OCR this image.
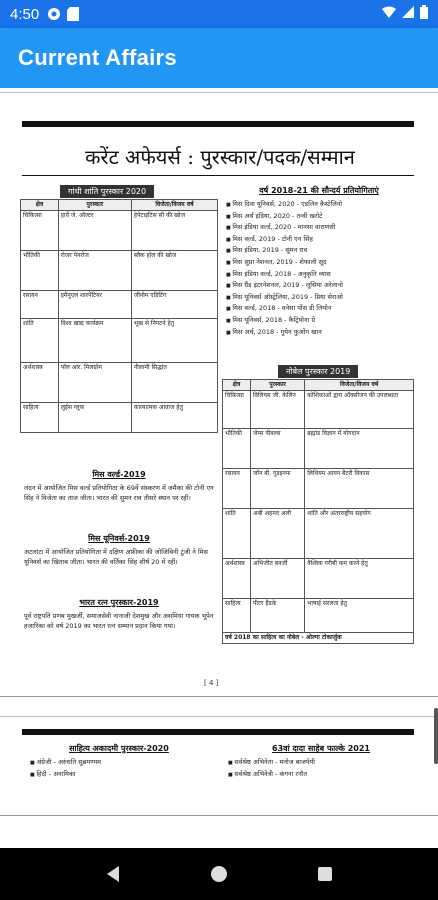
4:50
Current Affairs
करेंट अफेयर्स : पुरस्कार/पदक/सम्मान
गांधी शांति पुरस्कार 2020
क्षेत्र	पुरस्कार	विजेता/विजय वर्ष
चिकित्सा	हार्वे जे. ऑल्टर	हेपेटाइटिस सी की खोज
भौतिकी	रोजर पेनरोज	ब्लैक होल की खोज
रसायन	इमैनुएल शारपेंटियर	जीनोम एडिटिंग
शांति	विश्व खाद्य कार्यक्रम	भूख से निपटने हेतु
अर्थशास्त्र	पॉल आर. मिलग्रोम	नीलामी सिद्धांत
साहित्य	लुईस ग्लुक	काव्यात्मक आवाज हेतु
मिस वर्ल्ड-2019
लंदन में आयोजित मिस वर्ल्ड प्रतियोगिता के 69वें संस्करण में जमैका की टोनी एन सिंह ने विजेता का ताज जीता। भारत की सुमन राव तीसरे स्थान पर रहीं।
मिस यूनिवर्स-2019
अटलांटा में आयोजित प्रतियोगिता में दक्षिण अफ्रीका की जोजिबिनी टुंजी ने मिस यूनिवर्स का खिताब जीता। भारत की वर्तिका सिंह शीर्ष 20 में रहीं।
भारत रत्न पुरस्कार-2019
पूर्व राष्ट्रपति प्रणब मुखर्जी, समाजसेवी नानाजी देशमुख और असमिया गायक भूपेन हजारिका को वर्ष 2019 का भारत रत्न सम्मान प्रदान किया गया।
वर्ष 2018-21 की सौन्दर्य प्रतियोगिताएं
■ मिस दिवा यूनिवर्स, 2020 - एडलिन कैस्टेलिनो
■ मिस अर्थ इंडिया, 2020 - तन्वी खरोटे
■ मिस इंडिया वर्ल्ड, 2020 - मानसा वाराणसी
■ मिस वर्ल्ड, 2019 - टोनी एन सिंह
■ मिस इंडिया, 2019 - सुमन राव
■ मिस सुप्रा नेशनल, 2019 - शेफाली सूद
■ मिस इंडिया वर्ल्ड, 2018 - अनुकृति व्यास
■ मिस ग्रैंड इंटरनेशनल, 2019 - लूसिया अरेलानो
■ मिस यूनिवर्स ऑस्ट्रेलिया, 2019 - प्रिया सेराओ
■ मिस वर्ल्ड, 2018 - वनेसा पोंस डी लियोन
■ मिस यूनिवर्स, 2018 - कैट्रियोना ग्रे
■ मिस अर्थ, 2018 - गुयेन फुओंग खान
नोबेल पुरस्कार 2019
क्षेत्र	पुरस्कार	विजेता/विजय वर्ष
चिकित्सा	विलियम जी. केलिन	कोशिकाओं द्वारा ऑक्सीजन की उपलब्धता
भौतिकी	जेम्स पीबल्स	ब्रह्मांड विज्ञान में योगदान
रसायन	जॉन बी. गुडइनफ	लिथियम आयन बैटरी विकास
शांति	अबी अहमद अली	शांति और अंतरराष्ट्रीय सहयोग
अर्थशास्त्र	अभिजीत बनर्जी	वैश्विक गरीबी कम करने हेतु
साहित्य	पीटर हैंडके	भाषाई सरलता हेतु
वर्ष 2018 का साहित्य का नोबेल - ओल्गा टोकार्जुक		
[ 4 ]
साहित्य अकादमी पुरस्कार-2020
■ अंग्रेजी - अरुंधति सुब्रमण्यम
■ हिंदी - अनामिका
63वां दादा साहेब फाल्के 2021
■ सर्वश्रेष्ठ अभिनेता - मनोज बाजपेयी
■ सर्वश्रेष्ठ अभिनेत्री - कंगना रनौत
